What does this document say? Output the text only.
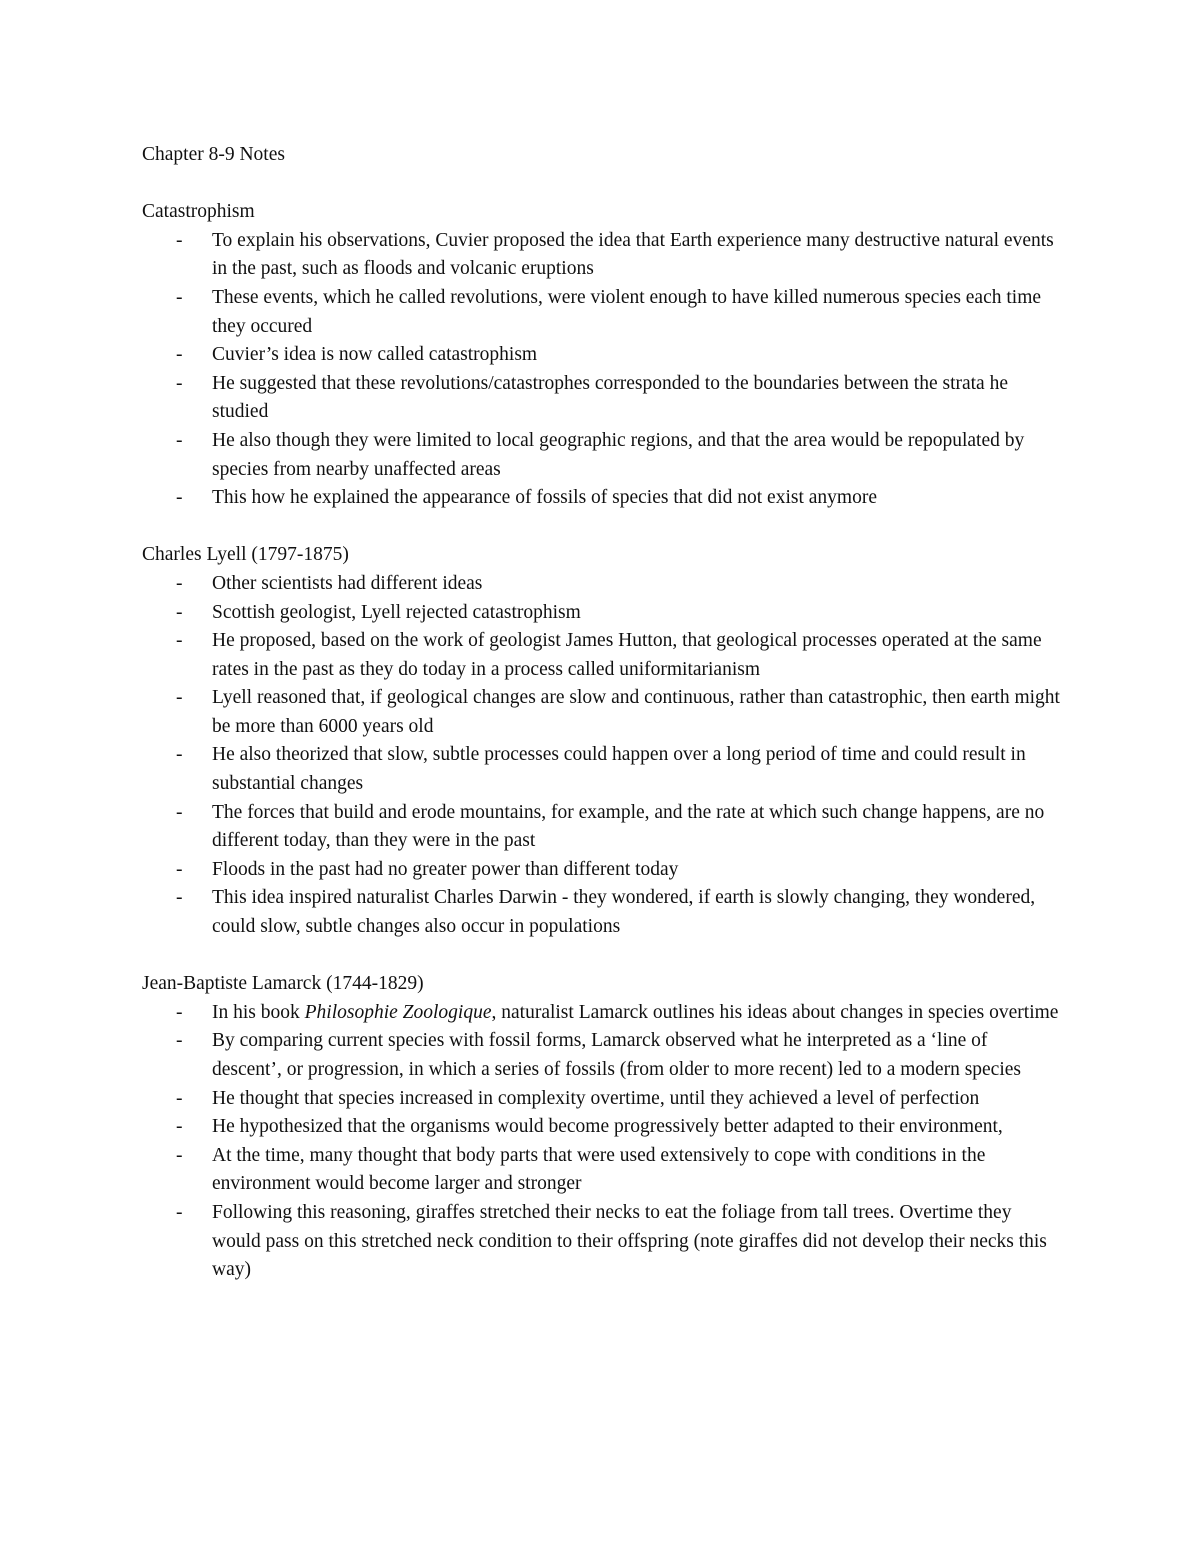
Chapter 8-9 Notes

Catastrophism

- To explain his observations, Cuvier proposed the idea that Earth experience many destructive natural events in the past, such as floods and volcanic eruptions
- These events, which he called revolutions, were violent enough to have killed numerous species each time they occured
- Cuvier’s idea is now called catastrophism
- He suggested that these revolutions/catastrophes corresponded to the boundaries between the strata he studied
- He also though they were limited to local geographic regions, and that the area would be repopulated by species from nearby unaffected areas
- This how he explained the appearance of fossils of species that did not exist anymore

Charles Lyell (1797-1875)

- Other scientists had different ideas
- Scottish geologist, Lyell rejected catastrophism
- He proposed, based on the work of geologist James Hutton, that geological processes operated at the same rates in the past as they do today in a process called uniformitarianism
- Lyell reasoned that, if geological changes are slow and continuous, rather than catastrophic, then earth might be more than 6000 years old
- He also theorized that slow, subtle processes could happen over a long period of time and could result in substantial changes
- The forces that build and erode mountains, for example, and the rate at which such change happens, are no different today, than they were in the past
- Floods in the past had no greater power than different today
- This idea inspired naturalist Charles Darwin - they wondered, if earth is slowly changing, they wondered, could slow, subtle changes also occur in populations

Jean-Baptiste Lamarck (1744-1829)

- In his book Philosophie Zoologique, naturalist Lamarck outlines his ideas about changes in species overtime
- By comparing current species with fossil forms, Lamarck observed what he interpreted as a ‘line of descent’, or progression, in which a series of fossils (from older to more recent) led to a modern species
- He thought that species increased in complexity overtime, until they achieved a level of perfection
- He hypothesized that the organisms would become progressively better adapted to their environment,
- At the time, many thought that body parts that were used extensively to cope with conditions in the environment would become larger and stronger
- Following this reasoning, giraffes stretched their necks to eat the foliage from tall trees. Overtime they would pass on this stretched neck condition to their offspring (note giraffes did not develop their necks this way)
